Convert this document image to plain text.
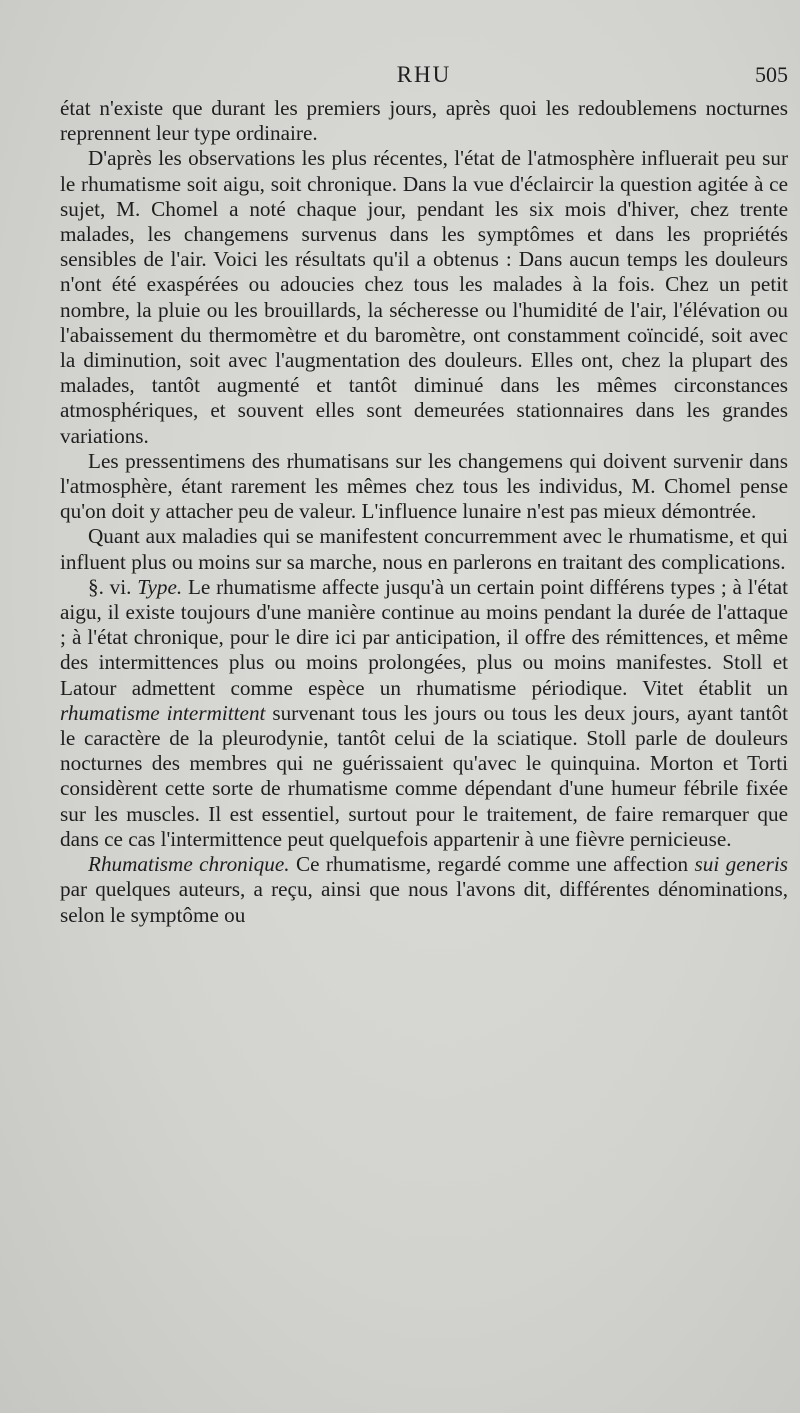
RHU	505

état n'existe que durant les premiers jours, après quoi les redoublemens nocturnes reprennent leur type ordinaire.

D'après les observations les plus récentes, l'état de l'atmosphère influerait peu sur le rhumatisme soit aigu, soit chronique. Dans la vue d'éclaircir la question agitée à ce sujet, M. Chomel a noté chaque jour, pendant les six mois d'hiver, chez trente malades, les changemens survenus dans les symptômes et dans les propriétés sensibles de l'air. Voici les résultats qu'il a obtenus : Dans aucun temps les douleurs n'ont été exaspérées ou adoucies chez tous les malades à la fois. Chez un petit nombre, la pluie ou les brouillards, la sécheresse ou l'humidité de l'air, l'élévation ou l'abaissement du thermomètre et du baromètre, ont constamment coïncidé, soit avec la diminution, soit avec l'augmentation des douleurs. Elles ont, chez la plupart des malades, tantôt augmenté et tantôt diminué dans les mêmes circonstances atmosphériques, et souvent elles sont demeurées stationnaires dans les grandes variations.

Les pressentimens des rhumatisans sur les changemens qui doivent survenir dans l'atmosphère, étant rarement les mêmes chez tous les individus, M. Chomel pense qu'on doit y attacher peu de valeur. L'influence lunaire n'est pas mieux démontrée.

Quant aux maladies qui se manifestent concurremment avec le rhumatisme, et qui influent plus ou moins sur sa marche, nous en parlerons en traitant des complications.

§. vi. Type. Le rhumatisme affecte jusqu'à un certain point différens types ; à l'état aigu, il existe toujours d'une manière continue au moins pendant la durée de l'attaque ; à l'état chronique, pour le dire ici par anticipation, il offre des rémittences, et même des intermittences plus ou moins prolongées, plus ou moins manifestes. Stoll et Latour admettent comme espèce un rhumatisme périodique. Vitet établit un rhumatisme intermittent survenant tous les jours ou tous les deux jours, ayant tantôt le caractère de la pleurodynie, tantôt celui de la sciatique. Stoll parle de douleurs nocturnes des membres qui ne guérissaient qu'avec le quinquina. Morton et Torti considèrent cette sorte de rhumatisme comme dépendant d'une humeur fébrile fixée sur les muscles. Il est essentiel, surtout pour le traitement, de faire remarquer que dans ce cas l'intermittence peut quelquefois appartenir à une fièvre pernicieuse.

Rhumatisme chronique. Ce rhumatisme, regardé comme une affection sui generis par quelques auteurs, a reçu, ainsi que nous l'avons dit, différentes dénominations, selon le symptôme ou
